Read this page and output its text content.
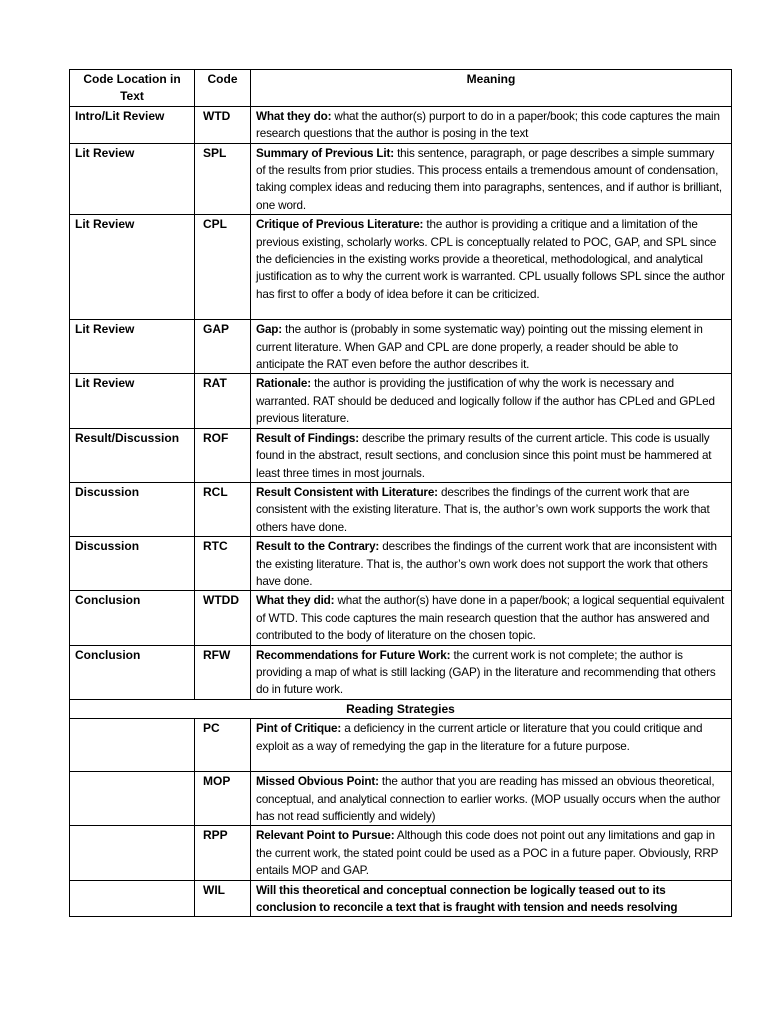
Code Location in Text	Code	Meaning
Intro/Lit Review	WTD	What they do: what the author(s) purport to do in a paper/book; this code captures the main research questions that the author is posing in the text
Lit Review	SPL	Summary of Previous Lit: this sentence, paragraph, or page describes a simple summary of the results from prior studies. This process entails a tremendous amount of condensation, taking complex ideas and reducing them into paragraphs, sentences, and if author is brilliant, one word.
Lit Review	CPL	Critique of Previous Literature: the author is providing a critique and a limitation of the previous existing, scholarly works. CPL is conceptually related to POC, GAP, and SPL since the deficiencies in the existing works provide a theoretical, methodological, and analytical justification as to why the current work is warranted. CPL usually follows SPL since the author has first to offer a body of idea before it can be criticized.
Lit Review	GAP	Gap: the author is (probably in some systematic way) pointing out the missing element in current literature. When GAP and CPL are done properly, a reader should be able to anticipate the RAT even before the author describes it.
Lit Review	RAT	Rationale: the author is providing the justification of why the work is necessary and warranted. RAT should be deduced and logically follow if the author has CPLed and GPLed previous literature.
Result/Discussion	ROF	Result of Findings: describe the primary results of the current article. This code is usually found in the abstract, result sections, and conclusion since this point must be hammered at least three times in most journals.
Discussion	RCL	Result Consistent with Literature: describes the findings of the current work that are consistent with the existing literature. That is, the author’s own work supports the work that others have done.
Discussion	RTC	Result to the Contrary: describes the findings of the current work that are inconsistent with the existing literature. That is, the author’s own work does not support the work that others have done.
Conclusion	WTDD	What they did: what the author(s) have done in a paper/book; a logical sequential equivalent of WTD. This code captures the main research question that the author has answered and contributed to the body of literature on the chosen topic.
Conclusion	RFW	Recommendations for Future Work: the current work is not complete; the author is providing a map of what is still lacking (GAP) in the literature and recommending that others do in future work.
Reading Strategies		
	PC	Pint of Critique: a deficiency in the current article or literature that you could critique and exploit as a way of remedying the gap in the literature for a future purpose.
	MOP	Missed Obvious Point: the author that you are reading has missed an obvious theoretical, conceptual, and analytical connection to earlier works. (MOP usually occurs when the author has not read sufficiently and widely)
	RPP	Relevant Point to Pursue: Although this code does not point out any limitations and gap in the current work, the stated point could be used as a POC in a future paper. Obviously, RRP entails MOP and GAP.
	WIL	Will this theoretical and conceptual connection be logically teased out to its conclusion to reconcile a text that is fraught with tension and needs resolving
